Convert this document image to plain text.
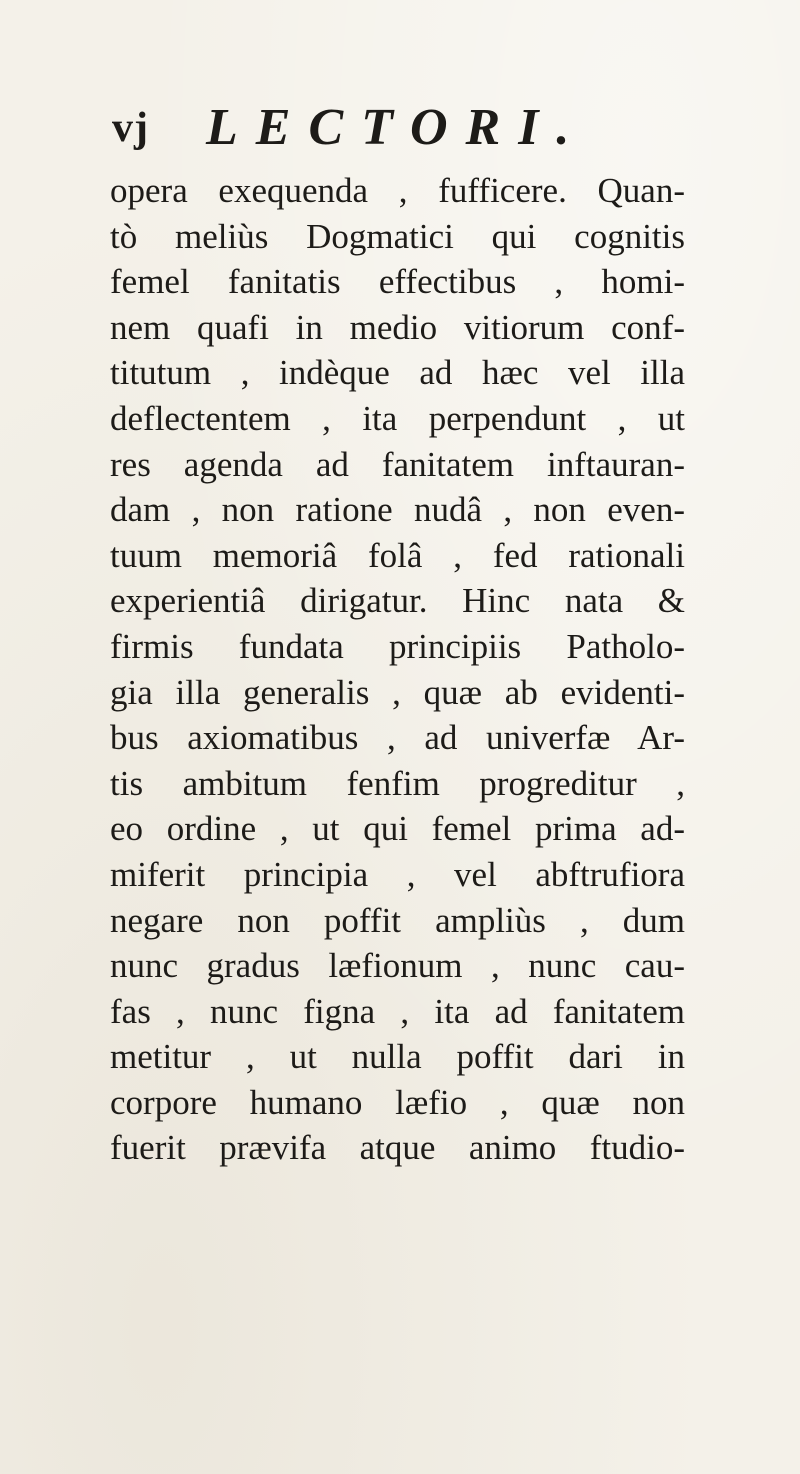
vj LECTORI.
opera exequenda , fufficere. Quan-
tò meliùs Dogmatici qui cognitis
femel fanitatis effectibus , homi-
nem quafi in medio vitiorum conf-
titutum , indèque ad hæc vel illa
deflectentem , ita perpendunt , ut
res agenda ad fanitatem inftauran-
dam , non ratione nudâ , non even-
tuum memoriâ folâ , fed rationali
experientiâ dirigatur. Hinc nata &
firmis fundata principiis Patholo-
gia illa generalis , quæ ab evidenti-
bus axiomatibus , ad univerfæ Ar-
tis ambitum fenfim progreditur ,
eo ordine , ut qui femel prima ad-
miferit principia , vel abftrufiora
negare non poffit ampliùs , dum
nunc gradus læfionum , nunc cau-
fas , nunc figna , ita ad fanitatem
metitur , ut nulla poffit dari in
corpore humano læfio , quæ non
fuerit prævifa atque animo ftudio-
